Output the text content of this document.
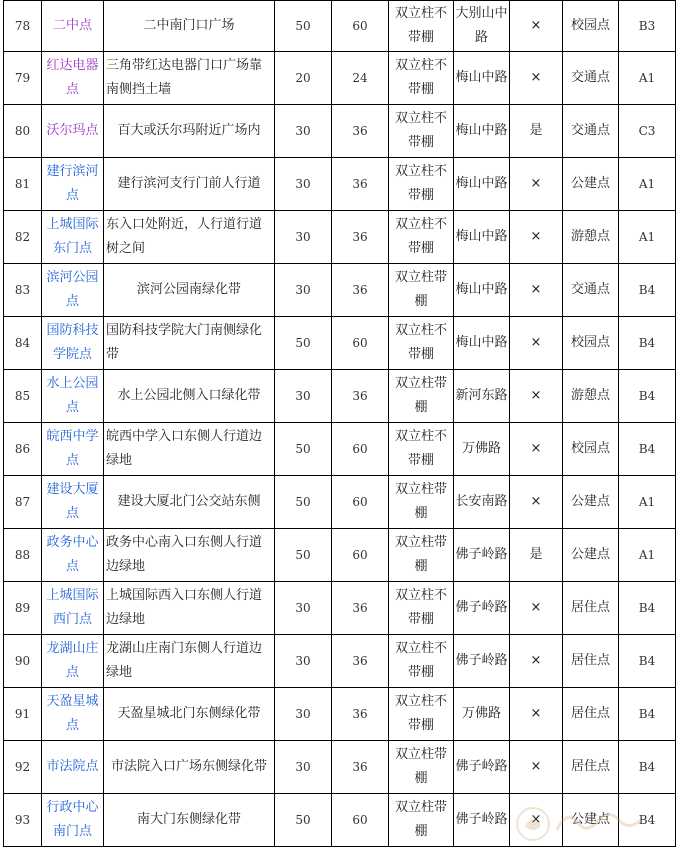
78	二中点	二中南门口广场	50	60	双立柱不带棚	大别山中路	×	校园点	B3
79	红达电器点	三角带红达电器门口广场靠南侧挡土墙	20	24	双立柱不带棚	梅山中路	×	交通点	A1
80	沃尔玛点	百大或沃尔玛附近广场内	30	36	双立柱不带棚	梅山中路	是	交通点	C3
81	建行滨河点	建行滨河支行门前人行道	30	36	双立柱不带棚	梅山中路	×	公建点	A1
82	上城国际东门点	东入口处附近，人行道行道树之间	30	36	双立柱不带棚	梅山中路	×	游憩点	A1
83	滨河公园点	滨河公园南绿化带	30	36	双立柱带棚	梅山中路	×	交通点	B4
84	国防科技学院点	国防科技学院大门南侧绿化带	50	60	双立柱不带棚	梅山中路	×	校园点	B4
85	水上公园点	水上公园北侧入口绿化带	30	36	双立柱带棚	新河东路	×	游憩点	B4
86	皖西中学点	皖西中学入口东侧人行道边绿地	50	60	双立柱不带棚	万佛路	×	校园点	B4
87	建设大厦点	建设大厦北门公交站东侧	50	60	双立柱带棚	长安南路	×	公建点	A1
88	政务中心点	政务中心南入口东侧人行道边绿地	50	60	双立柱带棚	佛子岭路	是	公建点	A1
89	上城国际西门点	上城国际西入口东侧人行道边绿地	30	36	双立柱不带棚	佛子岭路	×	居住点	B4
90	龙湖山庄点	龙湖山庄南门东侧人行道边绿地	30	36	双立柱不带棚	佛子岭路	×	居住点	B4
91	天盈星城点	天盈星城北门东侧绿化带	30	36	双立柱不带棚	万佛路	×	居住点	B4
92	市法院点	市法院入口广场东侧绿化带	30	36	双立柱带棚	佛子岭路	×	居住点	B4
93	行政中心南门点	南大门东侧绿化带	50	60	双立柱带棚	佛子岭路	×	公建点	B4
